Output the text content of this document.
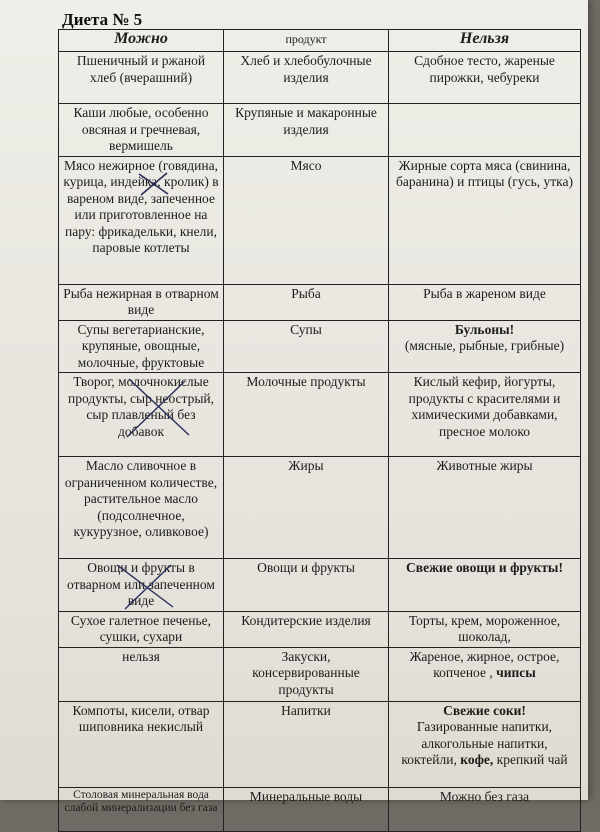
Диета № 5
Можно	продукт	Нельзя
Пшеничный и ржаной хлеб (вчерашний)	Хлеб и хлебобулочные изделия	Сдобное тесто, жареные пирожки, чебуреки
Каши любые, особенно овсяная и гречневая, вермишель	Крупяные и макаронные изделия	
Мясо нежирное (говядина, курица, индейка, кролик) в вареном виде, запеченное или приготовленное на пару: фрикадельки, кнели, паровые котлеты	Мясо	Жирные сорта мяса (свинина, баранина) и птицы (гусь, утка)
Рыба нежирная в отварном виде	Рыба	Рыба в жареном виде
Супы вегетарианские, крупяные, овощные, молочные, фруктовые	Супы	Бульоны!
(мясные, рыбные, грибные)

Творог, молочнокислые продукты, сыр неострый, сыр плавленый без добавок	Молочные продукты	Кислый кефир, йогурты, продукты с красителями и химическими добавками, пресное молоко
Масло сливочное в ограниченном количестве, растительное масло (подсолнечное, кукурузное, оливковое)	Жиры	Животные жиры
Овощи и фрукты в отварном или запеченном виде	Овощи и фрукты	Свежие овощи и фрукты!
Сухое галетное печенье, сушки, сухари	Кондитерские изделия	Торты, крем, мороженное, шоколад,
нельзя	Закуски, консервированные продукты	Жареное, жирное, острое, копченое , чипсы
Компоты, кисели, отвар шиповника некислый	Напитки	Свежие соки!
Газированные напитки, алкогольные напитки, коктейли, кофе, крепкий чай
Столовая минеральная вода слабой минерализации без газа	Минеральные воды	Можно без газа
